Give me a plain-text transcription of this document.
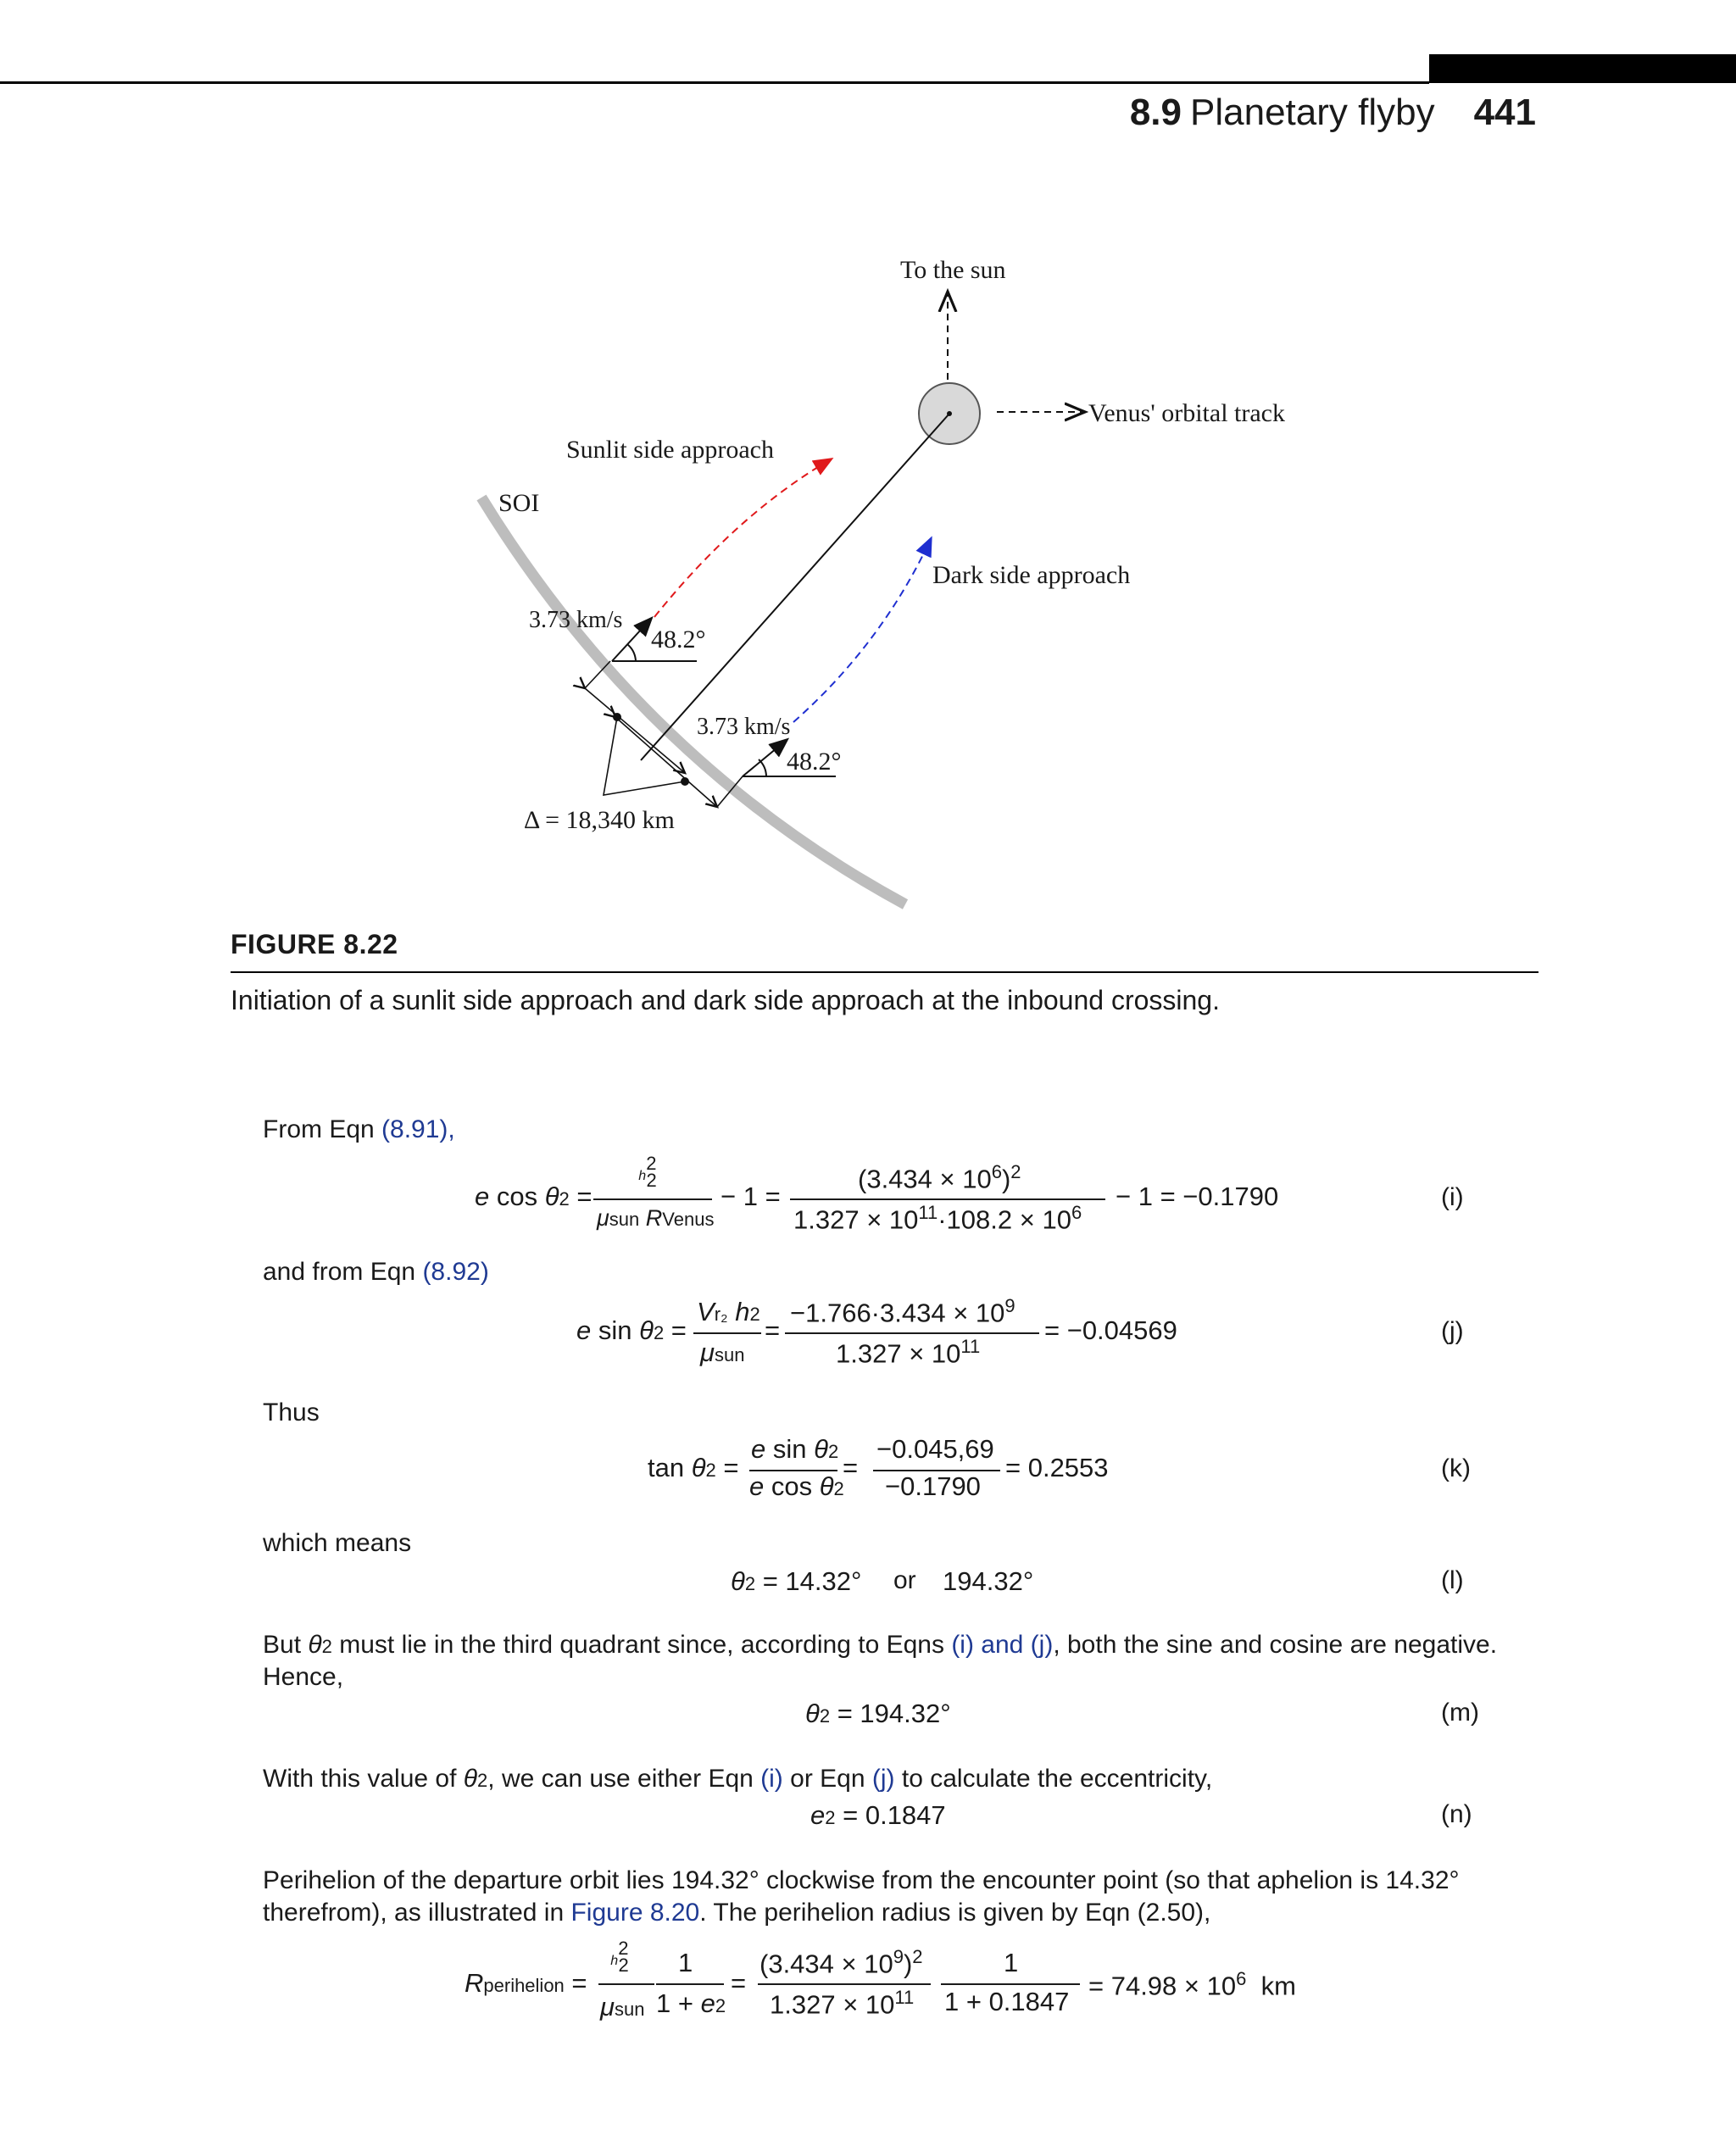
8.9 Planetary flyby 441
To the sun
Venus' orbital track
Sunlit side approach
SOI
Dark side approach
3.73 km/s
48.2°
3.73 km/s
48.2°
Δ = 18,340 km
FIGURE 8.22
Initiation of a sunlit side approach and dark side approach at the inbound crossing.
From Eqn (8.91),
e cos θ2 =
h22
μsun RVenus
− 1 =
$(3.434 \times 10^6)^2$
$1.327 \times 10^{11}\cdot 108.2 \times 10^6$
− 1 = −0.1790	(i)
and from Eqn (8.92)
e sin θ2 =
Vr₂ h2
μsun
=
$-1.766\cdot 3.434 \times 10^9$
$1.327 \times 10^{11}$
= −0.04569	(j)
Thus
tan θ2 =
e sin θ2
e cos θ2
=
−0.045,69
−0.1790
= 0.2553	(k)
which means
θ2 = 14.32° or 194.32°	(l)
But θ2 must lie in the third quadrant since, according to Eqns (i) and (j), both the sine and cosine are negative.
Hence,
θ2 = 194.32°	(m)
With this value of θ2, we can use either Eqn (i) or Eqn (j) to calculate the eccentricity,
e2 = 0.1847	(n)
Perihelion of the departure orbit lies 194.32° clockwise from the encounter point (so that aphelion is 14.32°
therefrom), as illustrated in Figure 8.20. The perihelion radius is given by Eqn (2.50),
Rperihelion =
h22
μsun
1
1 + e2
=
$(3.434 \times 10^9)^2$
$1.327 \times 10^{11}$
1
1 + 0.1847
= $74.98 \times 10^6$ km
